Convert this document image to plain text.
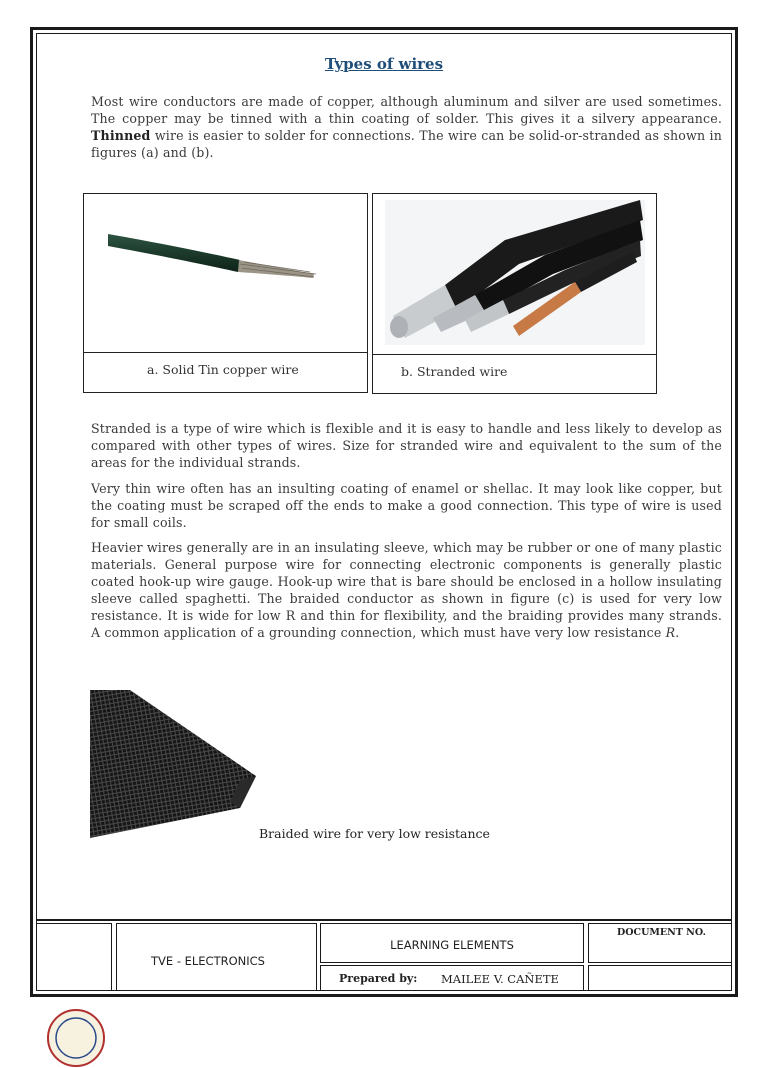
Types of wires
Most wire conductors are made of copper, although aluminum and silver are used sometimes. The copper may be tinned with a thin coating of solder. This gives it a silvery appearance. Thinned wire is easier to solder for connections. The wire can be solid-or-stranded as shown in figures (a) and (b).
a. Solid Tin copper wire	b. Stranded wire
Stranded is a type of wire which is flexible and it is easy to handle and less likely to develop as compared with other types of wires. Size for stranded wire and equivalent to the sum of the areas for the individual strands.
Very thin wire often has an insulting coating of enamel or shellac. It may look like copper, but the coating must be scraped off the ends to make a good connection. This type of wire is used for small coils.
Heavier wires generally are in an insulating sleeve, which may be rubber or one of many plastic materials. General purpose wire for connecting electronic components is generally plastic coated hook-up wire gauge. Hook-up wire that is bare should be enclosed in a hollow insulating sleeve called spaghetti. The braided conductor as shown in figure (c) is used for very low resistance. It is wide for low R and thin for flexibility, and the braiding provides many strands. A common application of a grounding connection, which must have very low resistance R.
Braided wire for very low resistance
TVE - ELECTRONICS
LEARNING ELEMENTS
Prepared by: MAILEE V. CAÑETE
DOCUMENT NO.
